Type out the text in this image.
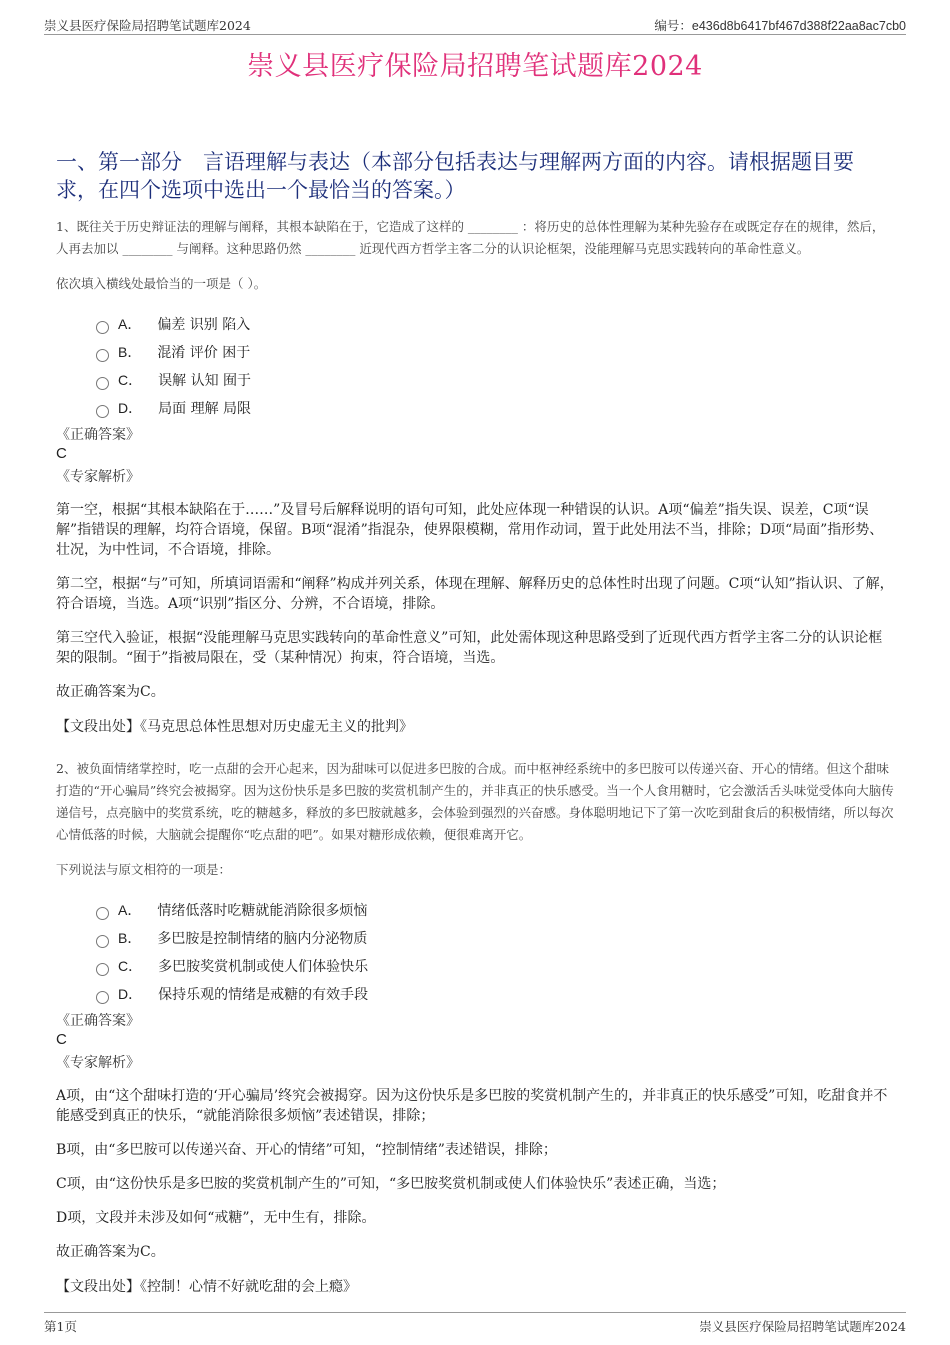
崇义县医疗保险局招聘笔试题库2024	编号：e436d8b6417bf467d388f22aa8ac7cb0
崇义县医疗保险局招聘笔试题库2024
一、第一部分　言语理解与表达（本部分包括表达与理解两方面的内容。请根据题目要求，在四个选项中选出一个最恰当的答案。）

1、既往关于历史辩证法的理解与阐释，其根本缺陷在于，它造成了这样的 ________ ：将历史的总体性理解为某种先验存在或既定存在的规律，然后，人再去加以 ________ 与阐释。这种思路仍然 ________ 近现代西方哲学主客二分的认识论框架，没能理解马克思实践转向的革命性意义。

依次填入横线处最恰当的一项是（ ）。

A． 偏差 识别 陷入
B． 混淆 评价 困于
C． 误解 认知 囿于
D． 局面 理解 局限

《正确答案》

C

《专家解析》

第一空，根据“其根本缺陷在于……”及冒号后解释说明的语句可知，此处应体现一种错误的认识。A项“偏差”指失误、误差，C项“误解”指错误的理解，均符合语境，保留。B项“混淆”指混杂，使界限模糊，常用作动词，置于此处用法不当，排除；D项“局面”指形势、壮况，为中性词，不合语境，排除。

第二空，根据“与”可知，所填词语需和“阐释”构成并列关系，体现在理解、解释历史的总体性时出现了问题。C项“认知”指认识、了解，符合语境，当选。A项“识别”指区分、分辨，不合语境，排除。

第三空代入验证，根据“没能理解马克思实践转向的革命性意义”可知，此处需体现这种思路受到了近现代西方哲学主客二分的认识论框架的限制。“囿于”指被局限在，受（某种情况）拘束，符合语境，当选。

故正确答案为C。

【文段出处】《马克思总体性思想对历史虚无主义的批判》

2、被负面情绪掌控时，吃一点甜的会开心起来，因为甜味可以促进多巴胺的合成。而中枢神经系统中的多巴胺可以传递兴奋、开心的情绪。但这个甜味打造的“开心骗局”终究会被揭穿。因为这份快乐是多巴胺的奖赏机制产生的，并非真正的快乐感受。当一个人食用糖时，它会激活舌头味觉受体向大脑传递信号，点亮脑中的奖赏系统，吃的糖越多，释放的多巴胺就越多，会体验到强烈的兴奋感。身体聪明地记下了第一次吃到甜食后的积极情绪，所以每次心情低落的时候，大脑就会提醒你“吃点甜的吧”。如果对糖形成依赖，便很难离开它。

下列说法与原文相符的一项是：

A． 情绪低落时吃糖就能消除很多烦恼
B． 多巴胺是控制情绪的脑内分泌物质
C． 多巴胺奖赏机制或使人们体验快乐
D． 保持乐观的情绪是戒糖的有效手段

《正确答案》

C

《专家解析》

A项，由“这个甜味打造的‘开心骗局’终究会被揭穿。因为这份快乐是多巴胺的奖赏机制产生的，并非真正的快乐感受”可知，吃甜食并不能感受到真正的快乐，“就能消除很多烦恼”表述错误，排除；

B项，由“多巴胺可以传递兴奋、开心的情绪”可知，“控制情绪”表述错误，排除；

C项，由“这份快乐是多巴胺的奖赏机制产生的”可知，“多巴胺奖赏机制或使人们体验快乐”表述正确，当选；

D项，文段并未涉及如何“戒糖”，无中生有，排除。

故正确答案为C。

【文段出处】《控制！心情不好就吃甜的会上瘾》

第1页	崇义县医疗保险局招聘笔试题库2024
